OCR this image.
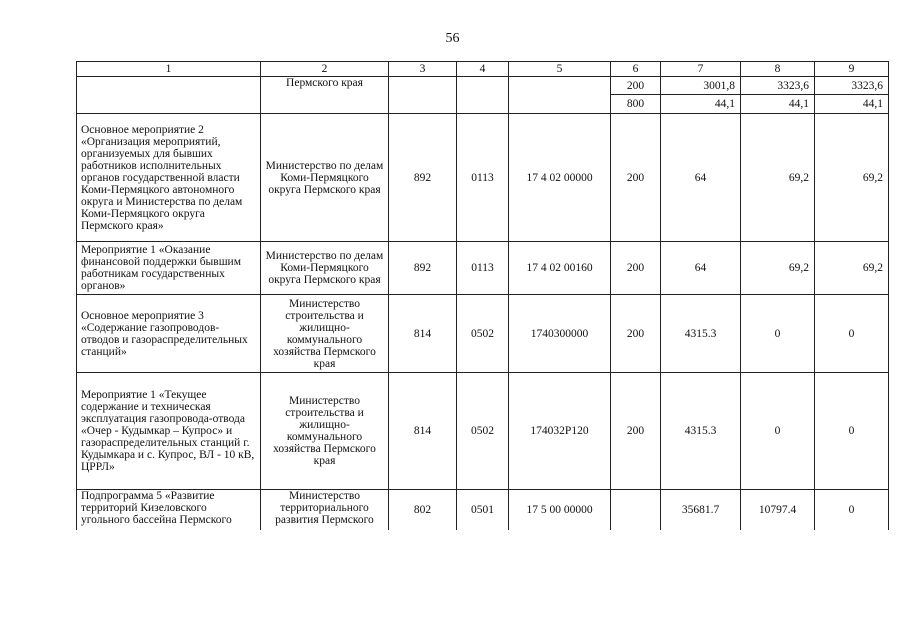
56
1	2	3	4	5	6	7	8	9
	Пермского края				200	3001,8	3323,6	3323,6
					800	44,1	44,1	44,1
Основное мероприятие 2 «Организация мероприятий, организуемых для бывших работников исполнительных органов государственной власти Коми-Пермяцкого автономного округа и Министерства по делам Коми-Пермяцкого округа Пермского края»	Министерство по делам Коми-Пермяцкого округа Пермского края	892	0113	17 4 02 00000	200	64	69,2	69,2
Мероприятие 1 «Оказание финансовой поддержки бывшим работникам государственных органов»	Министерство по делам Коми-Пермяцкого округа Пермского края	892	0113	17 4 02 00160	200	64	69,2	69,2
Основное мероприятие 3 «Содержание газопроводов-отводов и газораспределительных станций»	Министерство строительства и жилищно-коммунального хозяйства Пермского края	814	0502	1740300000	200	4315.3	0	0
Мероприятие 1 «Текущее содержание и техническая эксплуатация газопровода-отвода «Очер - Кудымкар – Купрос» и газораспределительных станций г. Кудымкара и с. Купрос, ВЛ - 10 кВ, ЦРРЛ»	Министерство строительства и жилищно-коммунального хозяйства Пермского края	814	0502	174032Р120	200	4315.3	0	0

Подпрограмма 5 «Развитие территорий Кизеловского угольного бассейна Пермского	Министерство территориального развития Пермского	802	0501	17 5 00 00000		35681.7	10797.4	0
